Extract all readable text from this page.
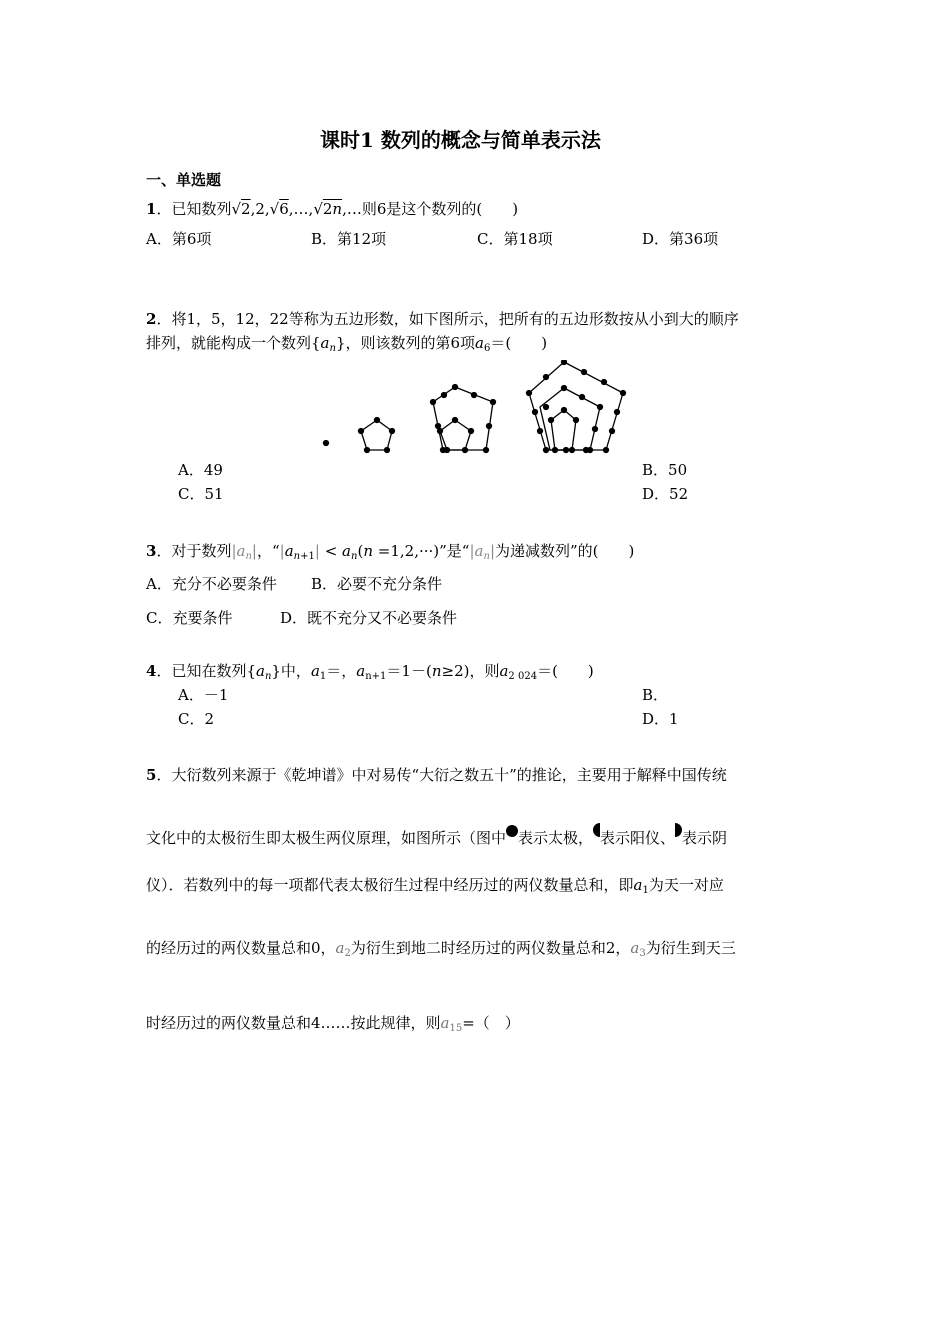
课时1 数列的概念与简单表示法
一、单选题
1．已知数列√2,2,√6,…,√2n,…则6是这个数列的(　　)
A．第6项	B．第12项	C．第18项	D．第36项
2．将1，5，12，22等称为五边形数，如下图所示，把所有的五边形数按从小到大的顺序
排列，就能构成一个数列$\{a_n\}$，则该数列的第6项$a_6=$(　　)
A．49	B．50
C．51	D．52
3．对于数列$|a_n|$，“$|a_{n+1}| < a_n(n =1,2,\cdot\cdot\cdot)$”是“$|a_n|$为递减数列”的(　　)
A．充分不必要条件 B．必要不充分条件
C．充要条件	D．既不充分又不必要条件
4．已知在数列$\{a_n\}$中，$a_1=$，$a_{n+1}=1-(n\ge 2)$，则$a_{2 024}=$(　　)
A．－1	B．
C．2	D．1
5．大衍数列来源于《乾坤谱》中对易传“大衍之数五十”的推论，主要用于解释中国传统
文化中的太极衍生即太极生两仪原理，如图所示（图中 表示太极， 表示阳仪、 表示阴
仪）．若数列中的每一项都代表太极衍生过程中经历过的两仪数量总和，即$a_1$为天一对应
的经历过的两仪数量总和0，$a_2$为衍生到地二时经历过的两仪数量总和2，$a_3$为衍生到天三
时经历过的两仪数量总和4……按此规律，则$a_{15}=$（　）
